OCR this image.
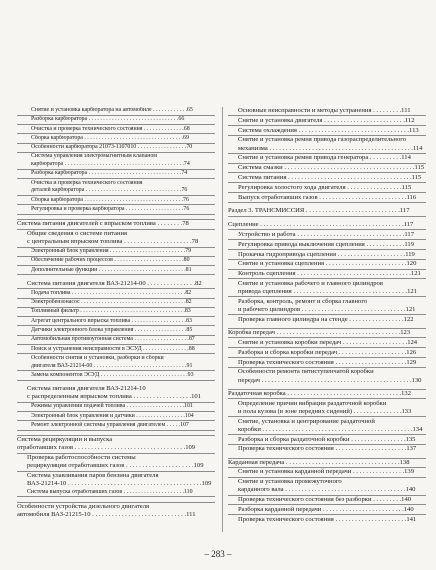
Снятие и установка карбюратора на автомобиле . . . . . . . . . . . .65
Разборка карбюратора . . . . . . . . . . . . . . . . . . . . . . . . . . . . . . .66
Очистка и проверка технического состояния . . . . . . . . . . . . . .68
Сборка карбюратора . . . . . . . . . . . . . . . . . . . . . . . . . . . . . . . . . .69
Особенности карбюратора 21073-1107010 . . . . . . . . . . . . . . . . .70
Система управления электромагнитным клапаном
карбюратора . . . . . . . . . . . . . . . . . . . . . . . . . . . . . . . . . . . . . . . . .74
Разборка карбюратора . . . . . . . . . . . . . . . . . . . . . . . . . . . . . . . .74
Очистка и проверка технического состояния
деталей карбюратора . . . . . . . . . . . . . . . . . . . . . . . . . . . . . . . . .76
Сборка карбюратора . . . . . . . . . . . . . . . . . . . . . . . . . . . . . . . . . .76
Регулировка и проверка карбюратора . . . . . . . . . . . . . . . . . . . .76
Система питания двигателей с впрыском топлива . . . . . . . .78
Общие сведения о системе питания
с центральным впрыском топлива . . . . . . . . . . . . . . . . . . . . .78
Электронный блок управления . . . . . . . . . . . . . . . . . . . . . . . . . .79
Обеспечение рабочих процессов . . . . . . . . . . . . . . . . . . . . . . . .80
Дополнительные функции . . . . . . . . . . . . . . . . . . . . . . . . . . . . . .81
Система питания двигателя ВАЗ-21214-00 . . . . . . . . . . . . . . .82
Подача топлива . . . . . . . . . . . . . . . . . . . . . . . . . . . . . . . . . . . . . . .82
Электробензонасос . . . . . . . . . . . . . . . . . . . . . . . . . . . . . . . . . . . .82
Топливный фильтр . . . . . . . . . . . . . . . . . . . . . . . . . . . . . . . . . . . .83
Агрегат центрального впрыска топлива . . . . . . . . . . . . . . . . . . .83
Датчики электронного блока управления . . . . . . . . . . . . . . . . . .85
Автомобильная противоугонная система . . . . . . . . . . . . . . . . . . .87
Поиск и устранения неисправности в ЭСУД . . . . . . . . . . . . . . . .88
Особенности снятия и установки, разборки и сборки
двигателя ВАЗ-21214-00 . . . . . . . . . . . . . . . . . . . . . . . . . . . . . . . .91
Замена компонентов ЭСУД . . . . . . . . . . . . . . . . . . . . . . . . . . . . . .93
Система питания двигателя ВАЗ-21214-10
с распределенным впрыском топлива . . . . . . . . . . . . . . . . . .101
Режимы управления подачей топлива . . . . . . . . . . . . . . . . . . . .101
Электронный блок управления и датчики . . . . . . . . . . . . . . . . .104
Ремонт электронной системы управления двигателем . . . . .107
Система рециркуляции и выпуска
отработавших газов . . . . . . . . . . . . . . . . . . . . . . . . . . . . . . . . . .109
Проверка работоспособности системы
рециркуляции отработавших газов . . . . . . . . . . . . . . . . . . . . .109
Система улавливания паров бензина двигателя
ВАЗ-21214-10 . . . . . . . . . . . . . . . . . . . . . . . . . . . . . . . . . . . . . . . . .109
Система выпуска отработавших газов . . . . . . . . . . . . . . . . . . . . .110
Особенности устройства дизельного двигателя
автомобиля ВАЗ-21215-10 . . . . . . . . . . . . . . . . . . . . . . . . . . . . .111
Основные неисправности и методы устранения . . . . . . . . .111
Снятие и установка двигателя . . . . . . . . . . . . . . . . . . . . . . . . .112
Система охлаждения . . . . . . . . . . . . . . . . . . . . . . . . . . . . . . . . . .113
Снятие и установка ремня привода газораспределительного
механизма . . . . . . . . . . . . . . . . . . . . . . . . . . . . . . . . . . . . . . . . . . . .114
Снятие и установка ремня привода генератора . . . . . . . . . .114
Система смазки . . . . . . . . . . . . . . . . . . . . . . . . . . . . . . . . . . . . . . . .115
Система питания . . . . . . . . . . . . . . . . . . . . . . . . . . . . . . . . . . . . . .115
Регулировка холостого хода двигателя . . . . . . . . . . . . . . . . .115
Выпуск отработавших газов . . . . . . . . . . . . . . . . . . . . . . . . . . .116
Раздел 3. ТРАНСМИССИЯ . . . . . . . . . . . . . . . . . . . . . . . . . . . . .117
Сцепление . . . . . . . . . . . . . . . . . . . . . . . . . . . . . . . . . . . . . . . . . . . .117
Устройство и работа . . . . . . . . . . . . . . . . . . . . . . . . . . . . . . . . .117
Регулировка привода выключения сцепления . . . . . . . . . . . .119
Прокачка гидропривода сцепления . . . . . . . . . . . . . . . . . . . . .119
Снятие и установка сцепления . . . . . . . . . . . . . . . . . . . . . . . . .120
Контроль сцепления . . . . . . . . . . . . . . . . . . . . . . . . . . . . . . . . . . .121
Снятие и установка рабочего и главного цилиндров
привода сцепления . . . . . . . . . . . . . . . . . . . . . . . . . . . . . . . . . . .121
Разборка, контроль, ремонт и сборка главного
и рабочего цилиндров . . . . . . . . . . . . . . . . . . . . . . . . . . . . . . . .121
Проверка главного цилиндра на стенде . . . . . . . . . . . . . . . . .122
Коробка передач . . . . . . . . . . . . . . . . . . . . . . . . . . . . . . . . . . . . . .123
Снятие и установка коробки передач . . . . . . . . . . . . . . . . . . . .124
Разборка и сборка коробки передач . . . . . . . . . . . . . . . . . . . . .126
Проверка технического состояния . . . . . . . . . . . . . . . . . . . . . .129
Особенности ремонта пятиступенчатой коробки
передач . . . . . . . . . . . . . . . . . . . . . . . . . . . . . . . . . . . . . . . . . . . . . .130
Раздаточная коробка . . . . . . . . . . . . . . . . . . . . . . . . . . . . . . . . . . .132
Определение причин вибрации раздаточной коробки
и пола кузова (в зоне передних сидений) . . . . . . . . . . . . . . .133
Снятие, установка и центрирование раздаточной
коробки . . . . . . . . . . . . . . . . . . . . . . . . . . . . . . . . . . . . . . . . . . . . . .134
Разборка и сборка раздаточной коробки . . . . . . . . . . . . . . . . .135
Проверка технического состояния . . . . . . . . . . . . . . . . . . . . . .137
Карданная передача . . . . . . . . . . . . . . . . . . . . . . . . . . . . . . . . . . .138
Снятие и установка карданной передачи . . . . . . . . . . . . . . . .139
Снятие и установка промежуточного
карданного вала . . . . . . . . . . . . . . . . . . . . . . . . . . . . . . . . . . . . .140
Проверка технического состояния без разборки . . . . . . . . .140
Разборка карданной передачи . . . . . . . . . . . . . . . . . . . . . . . . .140
Проверка технического состояния . . . . . . . . . . . . . . . . . . . . . .141
– 283 –
